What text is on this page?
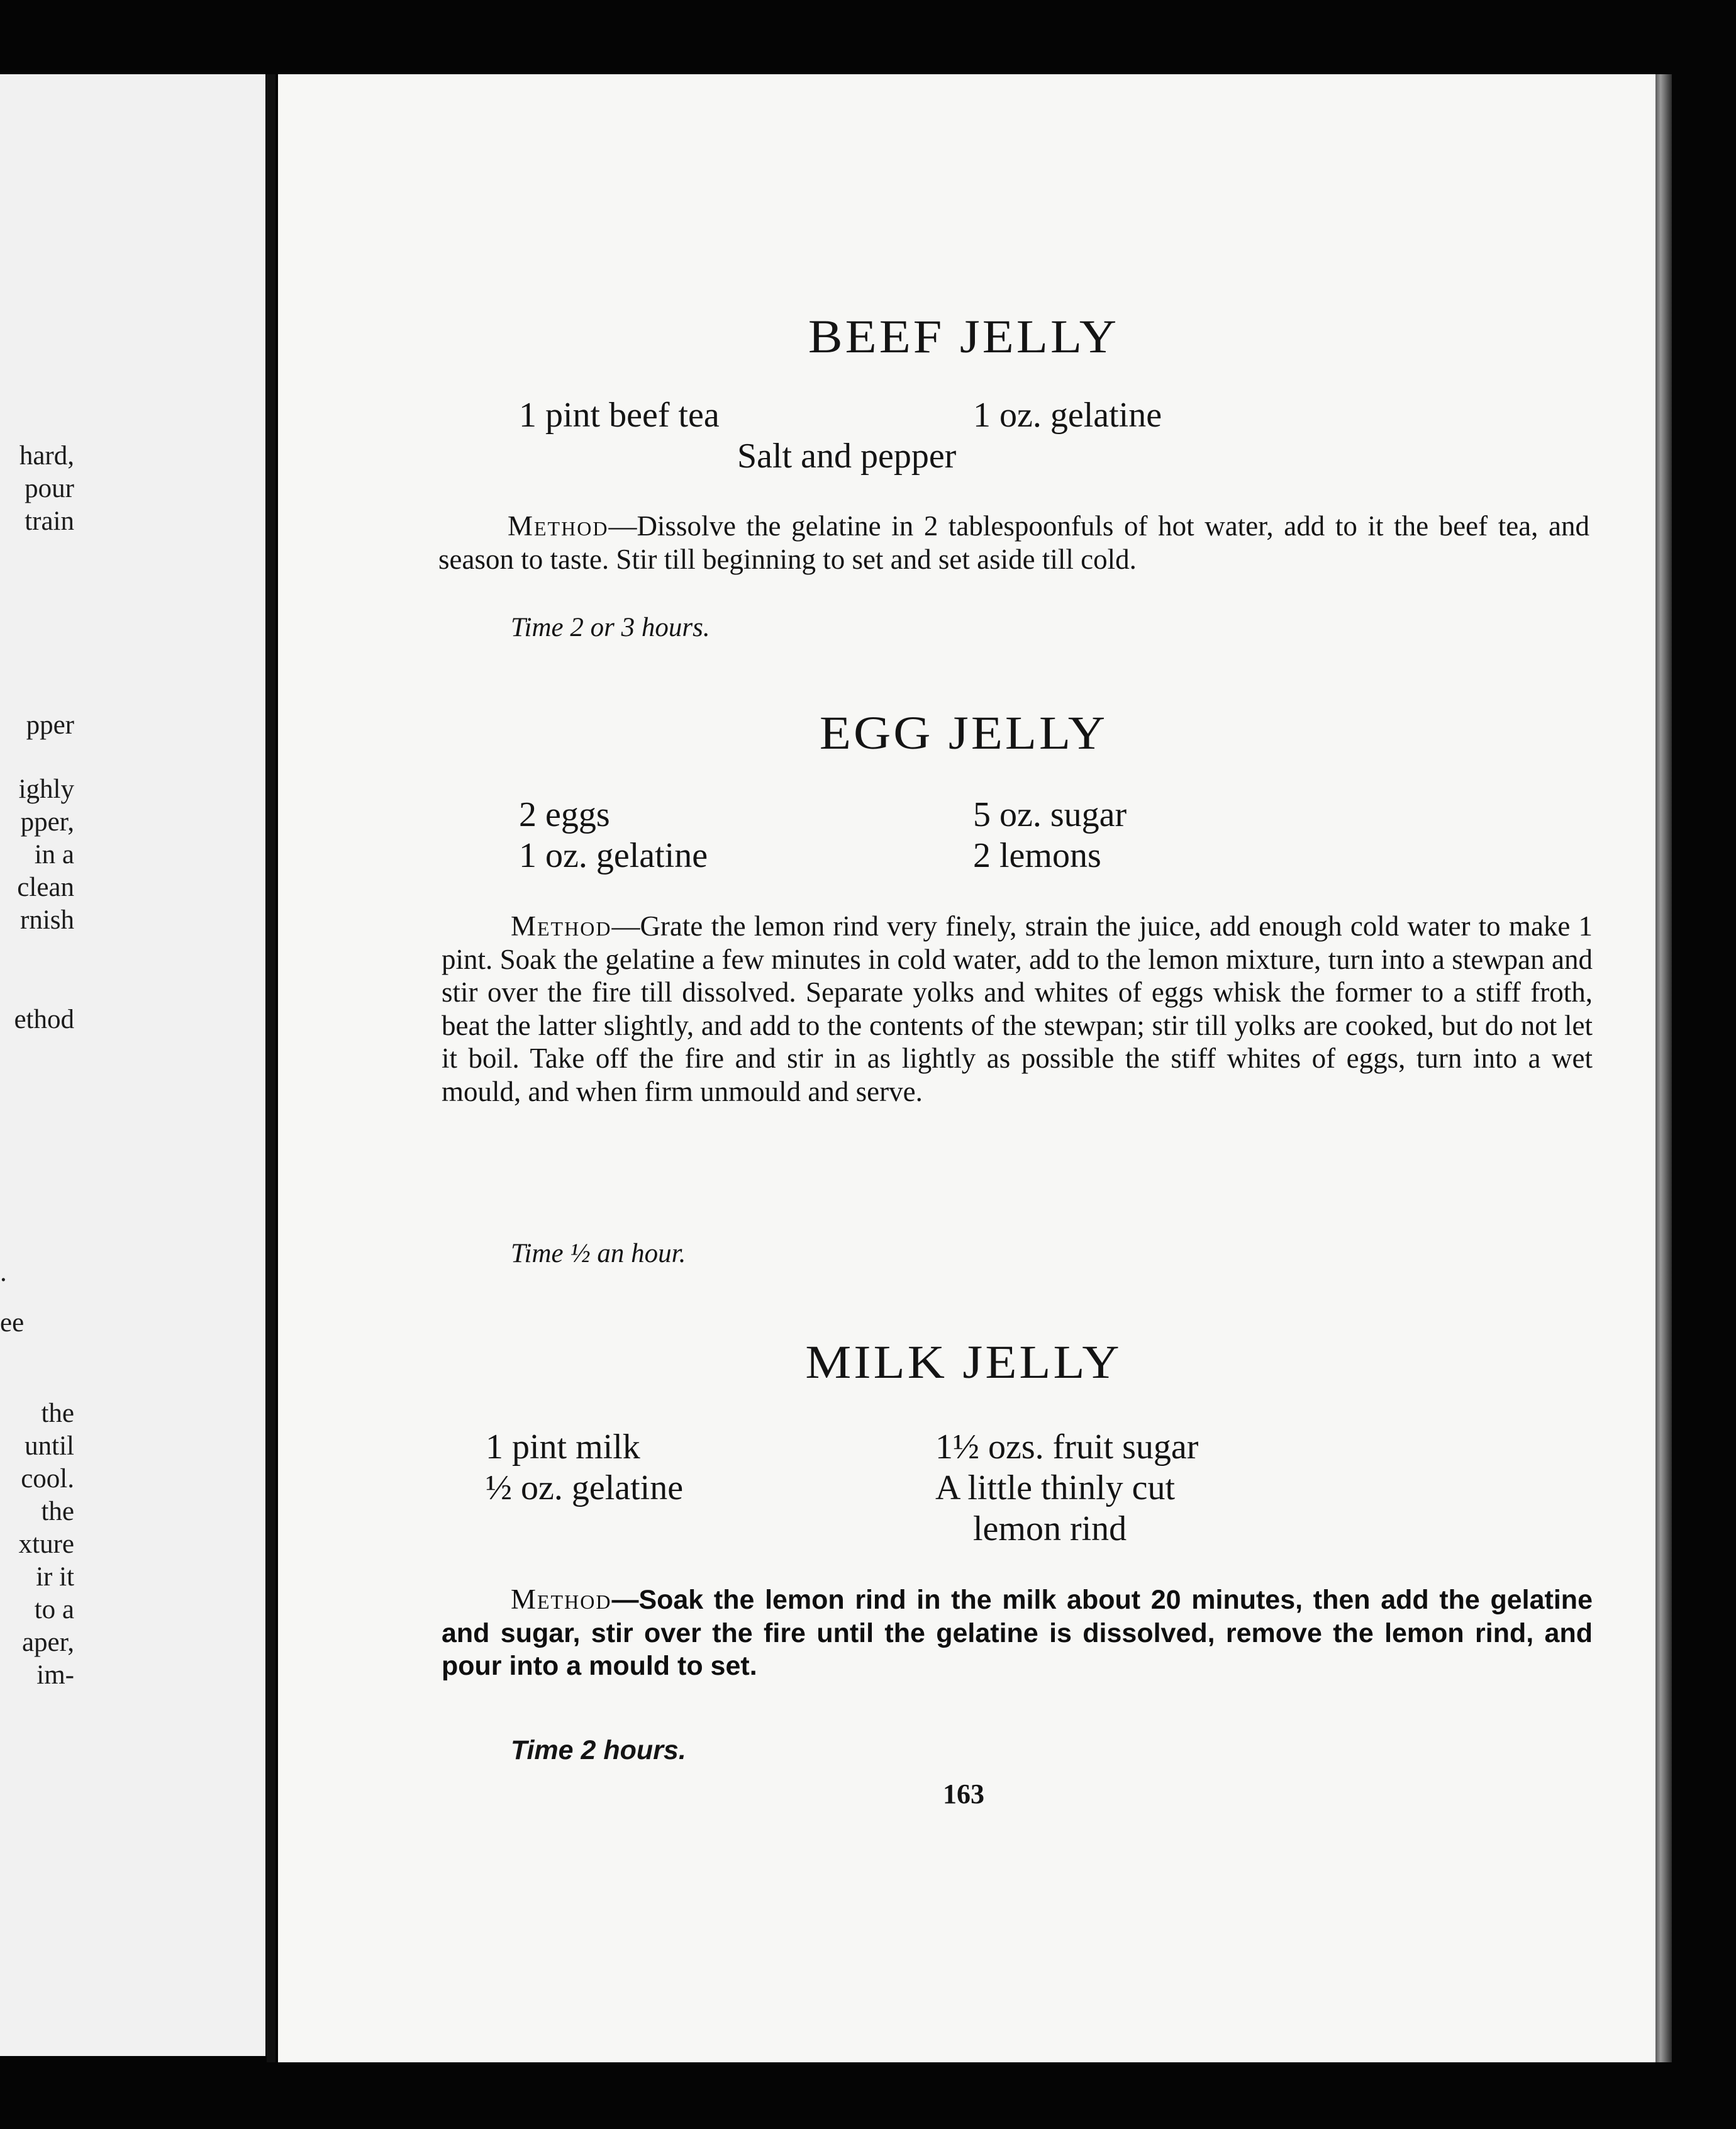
hard,
pour
train
pper
ighly
pper,
in a
clean
rnish
ethod
.
ee
the
until
cool.
the
xture
ir it
to a
aper,
im-
BEEF JELLY
1 pint beef tea	1 oz. gelatine
Salt and pepper
Method—Dissolve the gelatine in 2 tablespoonfuls of hot water, add to it the beef tea, and season to taste. Stir till beginning to set and set aside till cold.
Time 2 or 3 hours.
EGG JELLY
2 eggs	5 oz. sugar
1 oz. gelatine	2 lemons
Method—Grate the lemon rind very finely, strain the juice, add enough cold water to make 1 pint. Soak the gelatine a few minutes in cold water, add to the lemon mixture, turn into a stewpan and stir over the fire till dissolved. Separate yolks and whites of eggs whisk the former to a stiff froth, beat the latter slightly, and add to the contents of the stewpan; stir till yolks are cooked, but do not let it boil. Take off the fire and stir in as lightly as possible the stiff whites of eggs, turn into a wet mould, and when firm unmould and serve.
Time ½ an hour.
MILK JELLY
1 pint milk	1½ ozs. fruit sugar
½ oz. gelatine	A little thinly cut
lemon rind
Method—Soak the lemon rind in the milk about 20 minutes, then add the gelatine and sugar, stir over the fire until the gelatine is dissolved, remove the lemon rind, and pour into a mould to set.
Time 2 hours.
163
